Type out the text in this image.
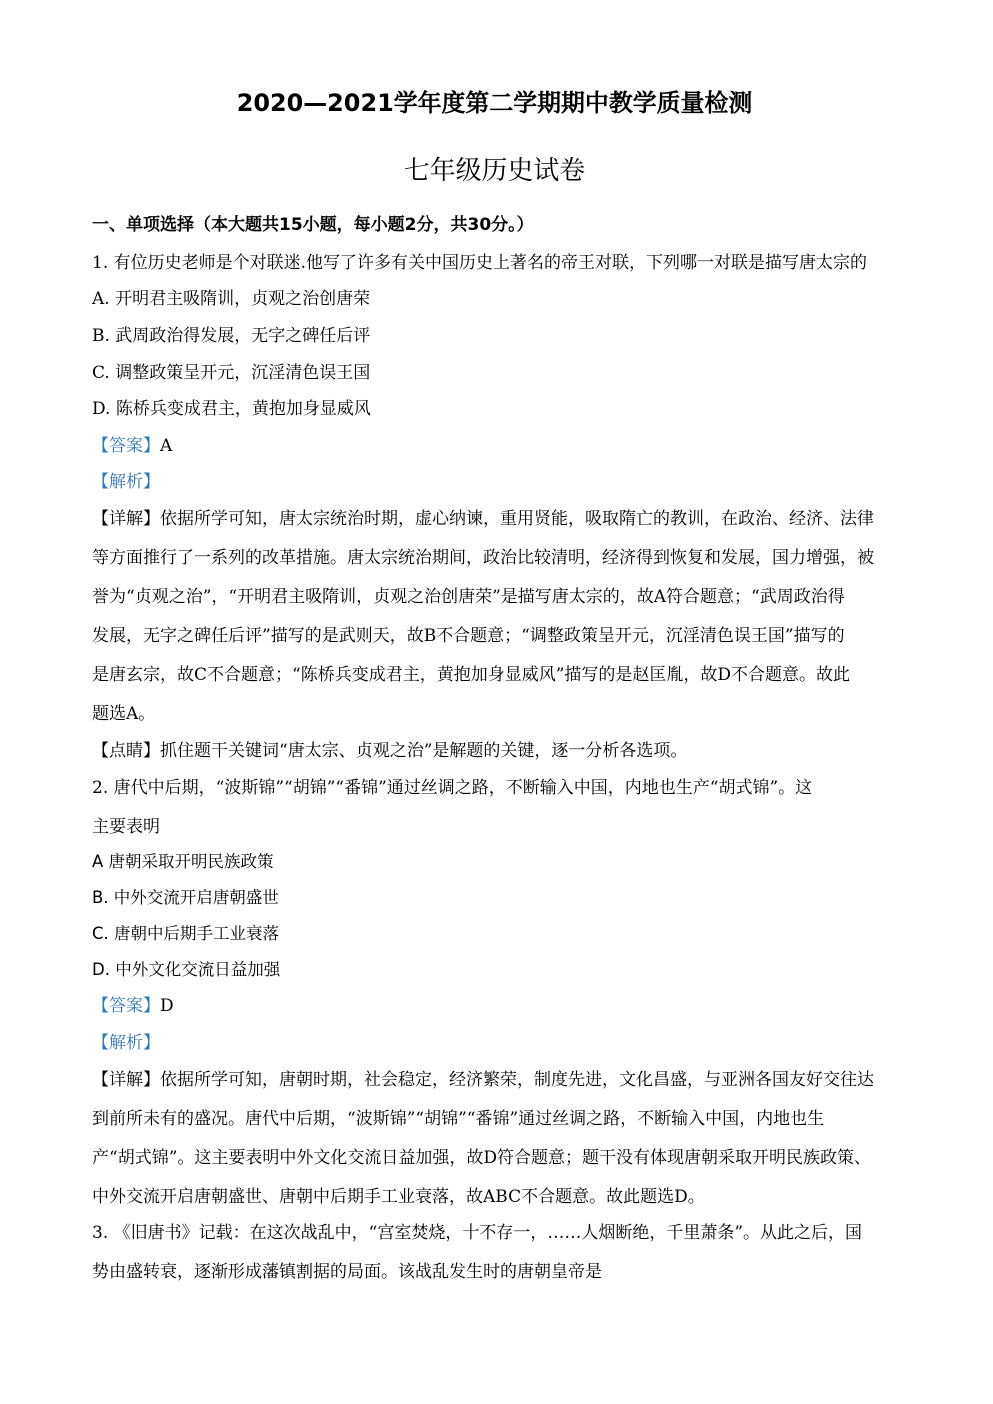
2020—2021学年度第二学期期中教学质量检测
七年级历史试卷
一、单项选择（本大题共15小题，每小题2分，共30分。）
1. 有位历史老师是个对联迷.他写了许多有关中国历史上著名的帝王对联，下列哪一对联是描写唐太宗的
A. 开明君主吸隋训，贞观之治创唐荣
B. 武周政治得发展，无字之碑任后评
C. 调整政策呈开元，沉淫清色误王国
D. 陈桥兵变成君主，黄抱加身显威风
【答案】A
【解析】
【详解】依据所学可知，唐太宗统治时期，虚心纳谏，重用贤能，吸取隋亡的教训，在政治、经济、法律
等方面推行了一系列的改革措施。唐太宗统治期间，政治比较清明，经济得到恢复和发展，国力增强，被
誉为“贞观之治”，“开明君主吸隋训，贞观之治创唐荣”是描写唐太宗的，故A符合题意；“武周政治得
发展，无字之碑任后评”描写的是武则天，故B不合题意；“调整政策呈开元，沉淫清色误王国”描写的
是唐玄宗，故C不合题意；“陈桥兵变成君主，黄抱加身显威风”描写的是赵匡胤，故D不合题意。故此
题选A。
【点睛】抓住题干关键词“唐太宗、贞观之治”是解题的关键，逐一分析各选项。
2. 唐代中后期，“波斯锦”“胡锦”“番锦”通过丝调之路，不断输入中国，内地也生产“胡式锦”。这
主要表明
A 唐朝采取开明民族政策
B. 中外交流开启唐朝盛世
C. 唐朝中后期手工业衰落
D. 中外文化交流日益加强
【答案】D
【解析】
【详解】依据所学可知，唐朝时期，社会稳定，经济繁荣，制度先进，文化昌盛，与亚洲各国友好交往达
到前所未有的盛况。唐代中后期，“波斯锦”“胡锦”“番锦”通过丝调之路，不断输入中国，内地也生
产“胡式锦”。这主要表明中外文化交流日益加强，故D符合题意；题干没有体现唐朝采取开明民族政策、
中外交流开启唐朝盛世、唐朝中后期手工业衰落，故ABC不合题意。故此题选D。
3. 《旧唐书》记载：在这次战乱中，“宫室焚烧，十不存一，……人烟断绝，千里萧条”。从此之后，国
势由盛转衰，逐渐形成藩镇割据的局面。该战乱发生时的唐朝皇帝是
